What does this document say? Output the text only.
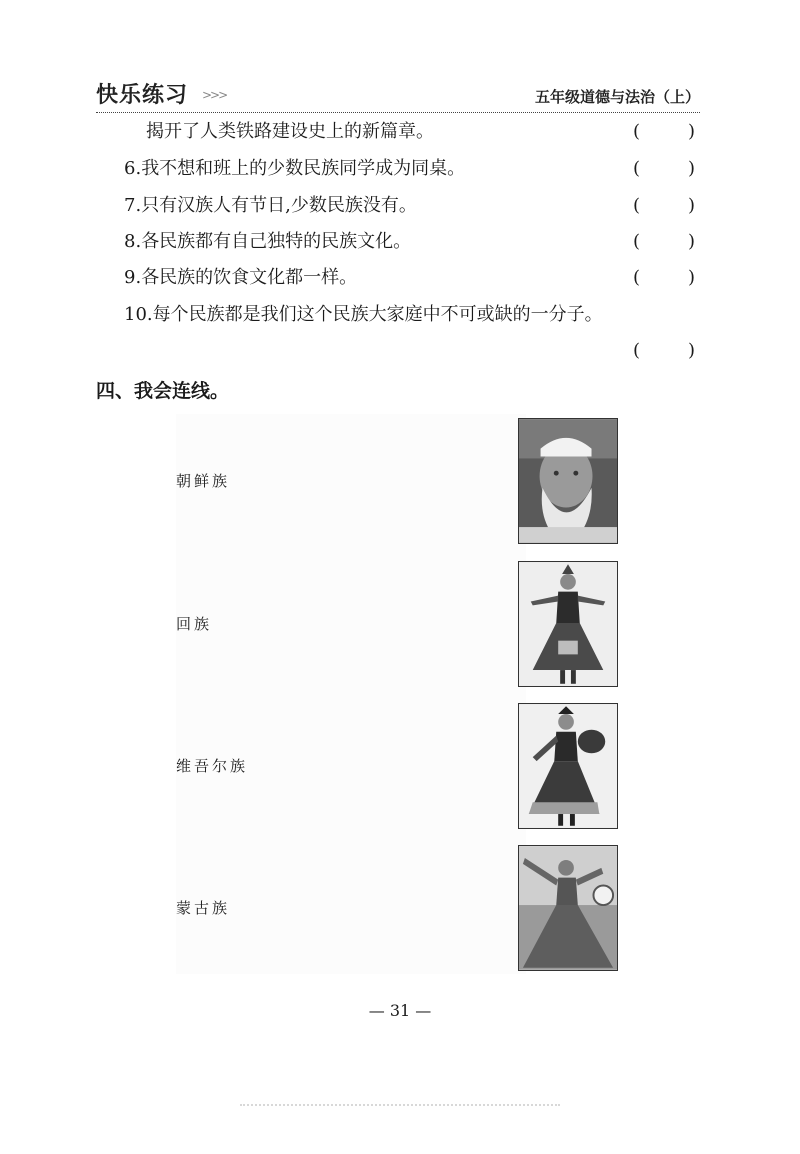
快乐练习 >>>	五年级道德与法治（上）
揭开了人类铁路建设史上的新篇章。	(	)
6.我不想和班上的少数民族同学成为同桌。	(	)
7.只有汉族人有节日,少数民族没有。	(	)
8.各民族都有自己独特的民族文化。	(	)
9.各民族的饮食文化都一样。	(	)
10.每个民族都是我们这个民族大家庭中不可或缺的一分子。
(	)
四、我会连线。
朝鲜族
回族
维吾尔族
蒙古族
— 31 —
